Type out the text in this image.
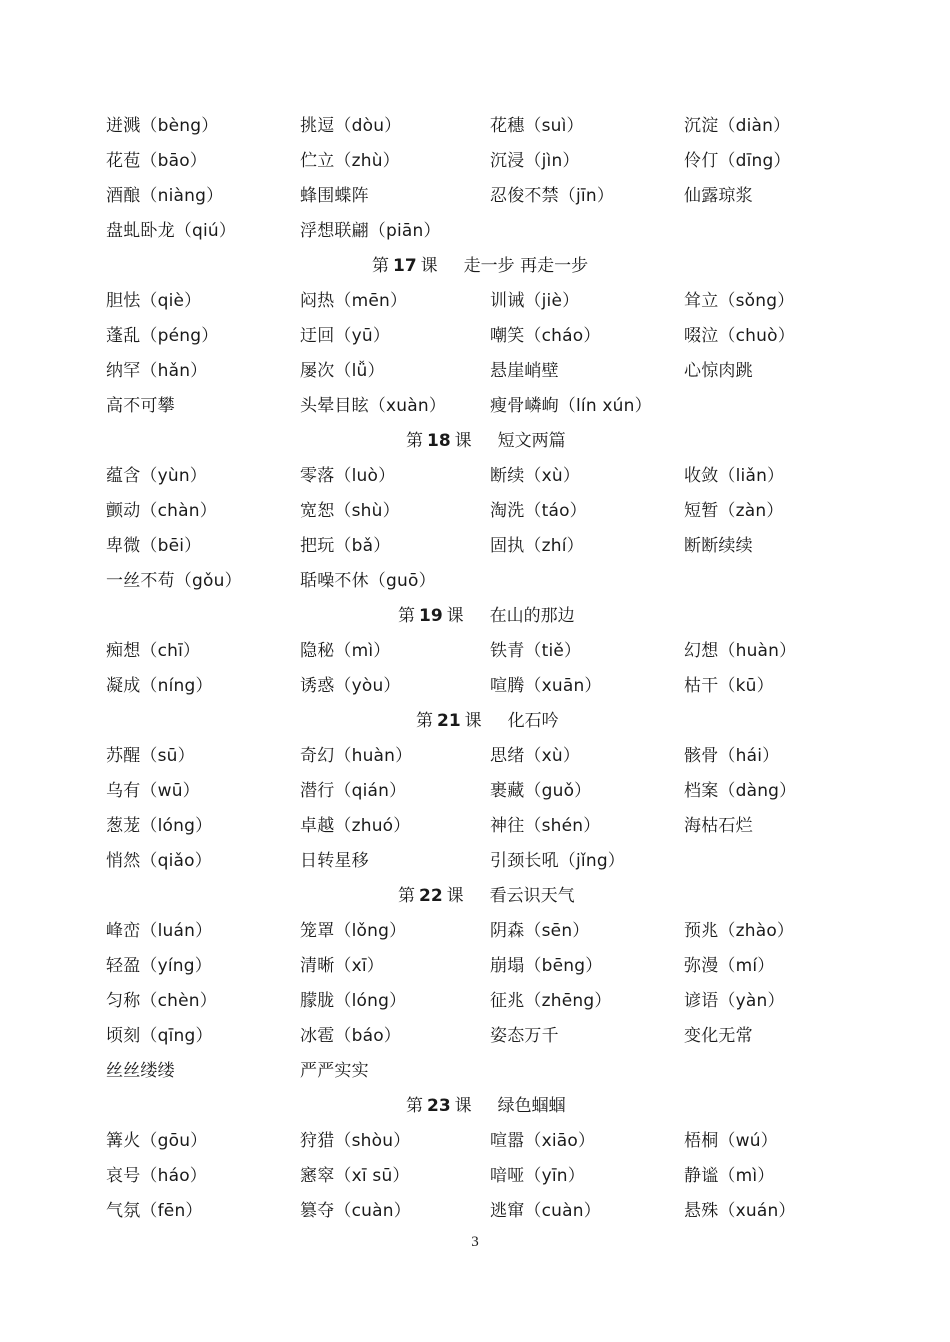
迸溅（bèng）	挑逗（dòu）	花穗（suì）	沉淀（diàn）
花苞（bāo）	伫立（zhù）	沉浸（jìn）	伶仃（dīng）
酒酿（niàng）	蜂围蝶阵	忍俊不禁（jīn）	仙露琼浆
盘虬卧龙（qiú）	浮想联翩（piān）
第 17 课 走一步 再走一步
胆怯（qiè）	闷热（mēn）	训诫（jiè）	耸立（sǒng）
蓬乱（péng）	迂回（yū）	嘲笑（cháo）	啜泣（chuò）
纳罕（hǎn）	屡次（lǚ）	悬崖峭壁	心惊肉跳
高不可攀	头晕目眩（xuàn）	瘦骨嶙峋（lín xún）
第 18 课 短文两篇
蕴含（yùn）	零落（luò）	断续（xù）	收敛（liǎn）
颤动（chàn）	宽恕（shù）	淘洗（táo）	短暂（zàn）
卑微（bēi）	把玩（bǎ）	固执（zhí）	断断续续
一丝不苟（gǒu）	聒噪不休（guō）
第 19 课 在山的那边
痴想（chī）	隐秘（mì）	铁青（tiě）	幻想（huàn）
凝成（níng）	诱惑（yòu）	喧腾（xuān）	枯干（kū）
第 21 课 化石吟
苏醒（sū）	奇幻（huàn）	思绪（xù）	骸骨（hái）
乌有（wū）	潜行（qián）	裹藏（guǒ）	档案（dàng）
葱茏（lóng）	卓越（zhuó）	神往（shén）	海枯石烂
悄然（qiǎo）	日转星移	引颈长吼（jǐng）
第 22 课 看云识天气
峰峦（luán）	笼罩（lǒng）	阴森（sēn）	预兆（zhào）
轻盈（yíng）	清晰（xī）	崩塌（bēng）	弥漫（mí）
匀称（chèn）	朦胧（lóng）	征兆（zhēng）	谚语（yàn）
顷刻（qīng）	冰雹（báo）	姿态万千	变化无常
丝丝缕缕	严严实实
第 23 课 绿色蝈蝈
篝火（gōu）	狩猎（shòu）	喧嚣（xiāo）	梧桐（wú）
哀号（háo）	窸窣（xī sū）	喑哑（yīn）	静谧（mì）
气氛（fēn）	篡夺（cuàn）	逃窜（cuàn）	悬殊（xuán）
3
